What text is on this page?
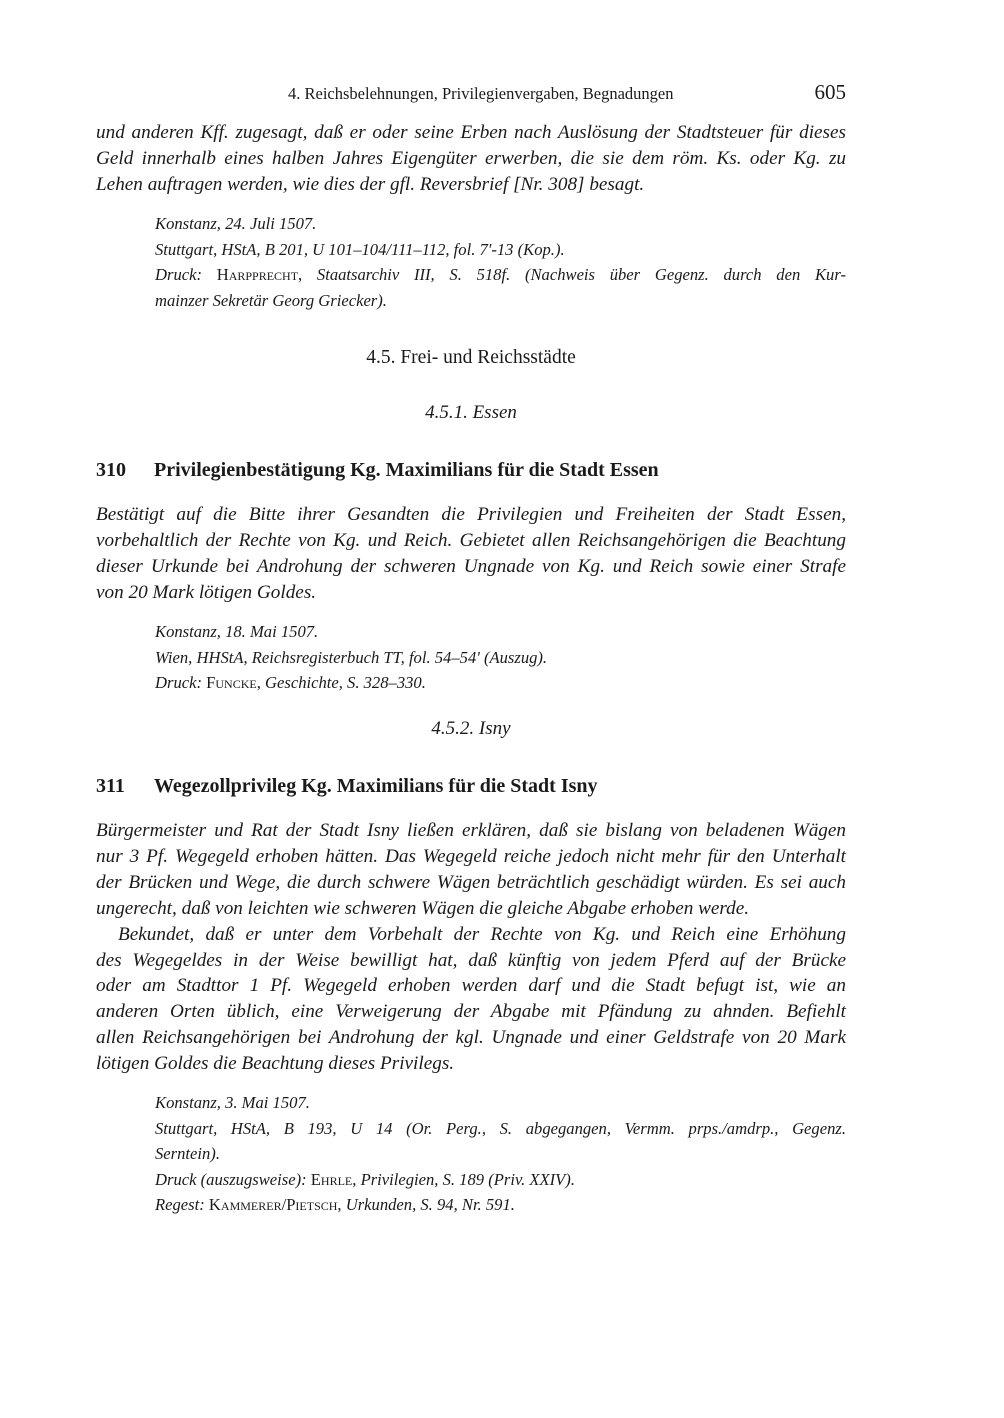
4. Reichsbelehnungen, Privilegienvergaben, Begnadungen	605
und anderen Kff. zugesagt, daß er oder seine Erben nach Auslösung der Stadtsteuer für dieses
Geld innerhalb eines halben Jahres Eigengüter erwerben, die sie dem röm. Ks. oder Kg. zu
Lehen auftragen werden, wie dies der gfl. Reversbrief [Nr. 308] besagt.
Konstanz, 24. Juli 1507.
Stuttgart, HStA, B 201, U 101–104/111–112, fol. 7'-13 (Kop.).
Druck: Harpprecht, Staatsarchiv III, S. 518f. (Nachweis über Gegenz. durch den Kur-
mainzer Sekretär Georg Griecker).
4.5. Frei- und Reichsstädte
4.5.1. Essen
310 Privilegienbestätigung Kg. Maximilians für die Stadt Essen
Bestätigt auf die Bitte ihrer Gesandten die Privilegien und Freiheiten der Stadt Essen,
vorbehaltlich der Rechte von Kg. und Reich. Gebietet allen Reichsangehörigen die Beachtung
dieser Urkunde bei Androhung der schweren Ungnade von Kg. und Reich sowie einer Strafe
von 20 Mark lötigen Goldes.
Konstanz, 18. Mai 1507.
Wien, HHStA, Reichsregisterbuch TT, fol. 54–54' (Auszug).
Druck: Funcke, Geschichte, S. 328–330.
4.5.2. Isny
311 Wegezollprivileg Kg. Maximilians für die Stadt Isny
Bürgermeister und Rat der Stadt Isny ließen erklären, daß sie bislang von beladenen Wägen
nur 3 Pf. Wegegeld erhoben hätten. Das Wegegeld reiche jedoch nicht mehr für den Unterhalt
der Brücken und Wege, die durch schwere Wägen beträchtlich geschädigt würden. Es sei auch
ungerecht, daß von leichten wie schweren Wägen die gleiche Abgabe erhoben werde.
Bekundet, daß er unter dem Vorbehalt der Rechte von Kg. und Reich eine Erhöhung
des Wegegeldes in der Weise bewilligt hat, daß künftig von jedem Pferd auf der Brücke
oder am Stadttor 1 Pf. Wegegeld erhoben werden darf und die Stadt befugt ist, wie an
anderen Orten üblich, eine Verweigerung der Abgabe mit Pfändung zu ahnden. Befiehlt
allen Reichsangehörigen bei Androhung der kgl. Ungnade und einer Geldstrafe von 20 Mark
lötigen Goldes die Beachtung dieses Privilegs.
Konstanz, 3. Mai 1507.
Stuttgart, HStA, B 193, U 14 (Or. Perg., S. abgegangen, Vermm. prps./amdrp., Gegenz.
Serntein).
Druck (auszugsweise): Ehrle, Privilegien, S. 189 (Priv. XXIV).
Regest: Kammerer/Pietsch, Urkunden, S. 94, Nr. 591.
